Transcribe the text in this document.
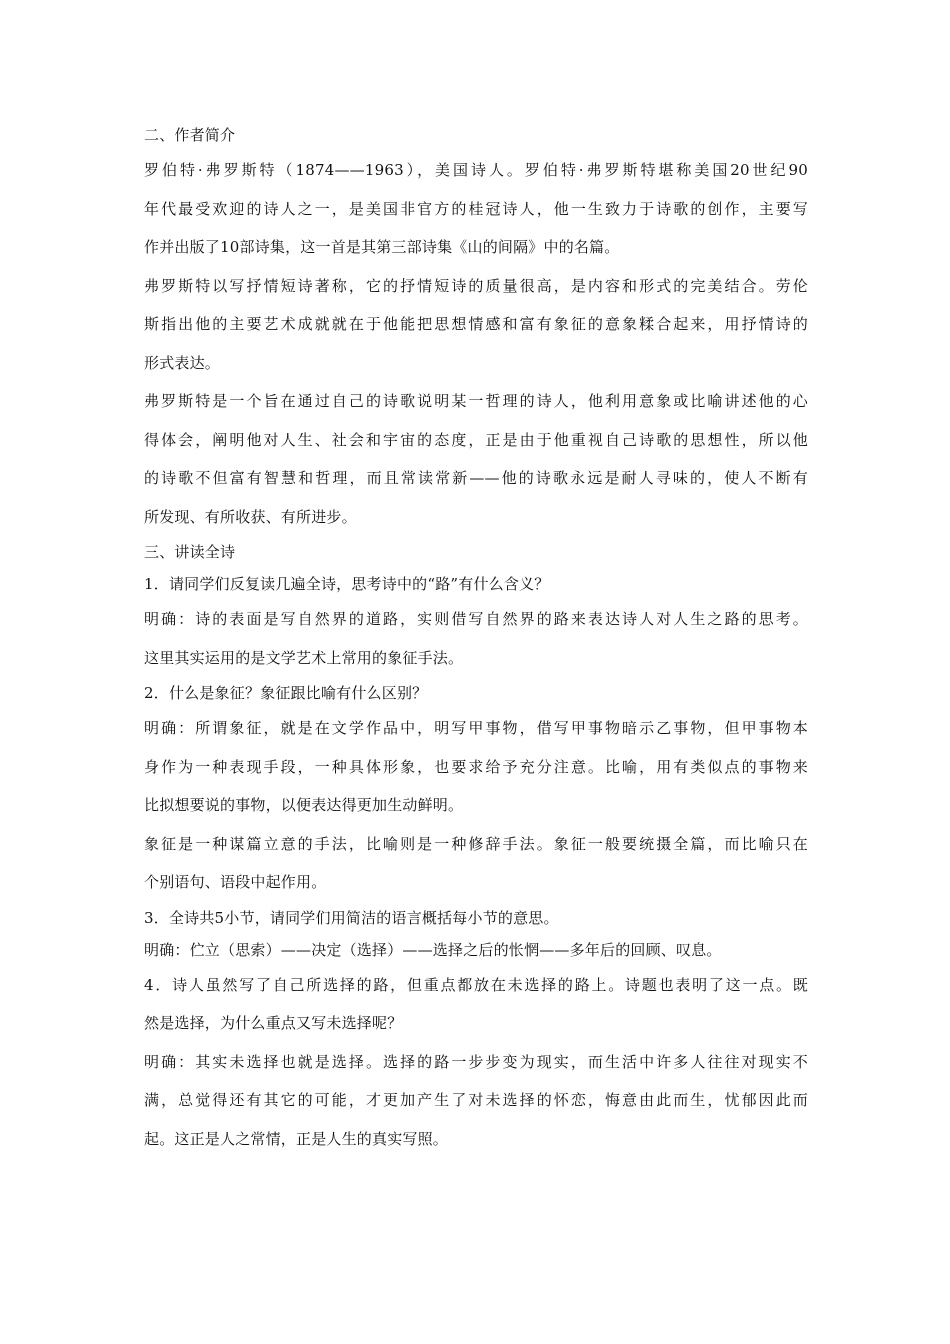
二、作者简介
罗伯特·弗罗斯特（1874——1963），美国诗人。罗伯特·弗罗斯特堪称美国20世纪90
年代最受欢迎的诗人之一，是美国非官方的桂冠诗人，他一生致力于诗歌的创作，主要写
作并出版了10部诗集，这一首是其第三部诗集《山的间隔》中的名篇。
弗罗斯特以写抒情短诗著称，它的抒情短诗的质量很高，是内容和形式的完美结合。劳伦
斯指出他的主要艺术成就就在于他能把思想情感和富有象征的意象糅合起来，用抒情诗的
形式表达。
弗罗斯特是一个旨在通过自己的诗歌说明某一哲理的诗人，他利用意象或比喻讲述他的心
得体会，阐明他对人生、社会和宇宙的态度，正是由于他重视自己诗歌的思想性，所以他
的诗歌不但富有智慧和哲理，而且常读常新——他的诗歌永远是耐人寻味的，使人不断有
所发现、有所收获、有所进步。
三、讲读全诗
1．请同学们反复读几遍全诗，思考诗中的“路”有什么含义？
明确：诗的表面是写自然界的道路，实则借写自然界的路来表达诗人对人生之路的思考。
这里其实运用的是文学艺术上常用的象征手法。
2．什么是象征？象征跟比喻有什么区别？
明确：所谓象征，就是在文学作品中，明写甲事物，借写甲事物暗示乙事物，但甲事物本
身作为一种表现手段，一种具体形象，也要求给予充分注意。比喻，用有类似点的事物来
比拟想要说的事物，以便表达得更加生动鲜明。
象征是一种谋篇立意的手法，比喻则是一种修辞手法。象征一般要统摄全篇，而比喻只在
个别语句、语段中起作用。
3．全诗共5小节，请同学们用简洁的语言概括每小节的意思。
明确：伫立（思索）——决定（选择）——选择之后的怅惘——多年后的回顾、叹息。
4．诗人虽然写了自己所选择的路，但重点都放在未选择的路上。诗题也表明了这一点。既
然是选择，为什么重点又写未选择呢？
明确：其实未选择也就是选择。选择的路一步步变为现实，而生活中许多人往往对现实不
满，总觉得还有其它的可能，才更加产生了对未选择的怀恋，悔意由此而生，忧郁因此而
起。这正是人之常情，正是人生的真实写照。
